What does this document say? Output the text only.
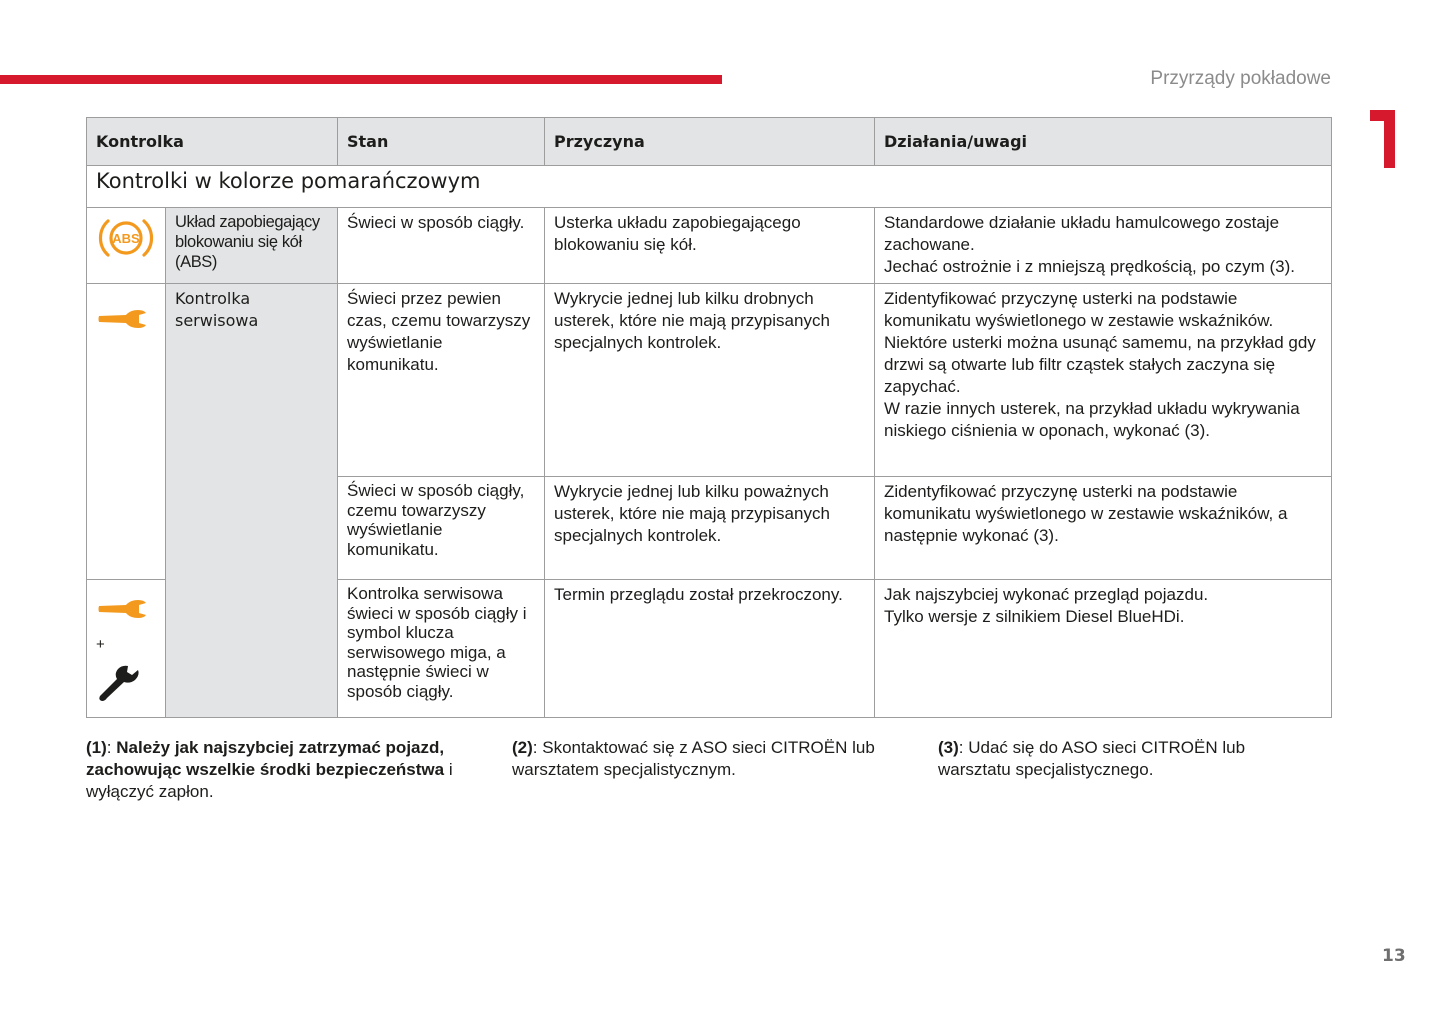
Przyrządy pokładowe
Kontrolka		Stan	Przyczyna	Działania/uwagi
Kontrolki w kolorze pomarańczowym				

ABS	Układ zapobiegający blokowaniu się kół (ABS)	Świeci w sposób ciągły.	Usterka układu zapobiegającego blokowaniu się kół.	Standardowe działanie układu hamulcowego zostaje zachowane.
Jechać ostrożnie i z mniejszą prędkością, po czym (3).

	Kontrolka serwisowa	Świeci przez pewien czas, czemu towarzyszy wyświetlanie komunikatu.	Wykrycie jednej lub kilku drobnych usterek, które nie mają przypisanych specjalnych kontrolek.	Zidentyfikować przyczynę usterki na podstawie komunikatu wyświetlonego w zestawie wskaźników.
Niektóre usterki można usunąć samemu, na przykład gdy drzwi są otwarte lub filtr cząstek stałych zaczyna się zapychać.
W razie innych usterek, na przykład układu wykrywania niskiego ciśnienia w oponach, wykonać (3).

		Świeci w sposób ciągły, czemu towarzyszy wyświetlanie komunikatu.	Wykrycie jednej lub kilku poważnych usterek, które nie mają przypisanych specjalnych kontrolek.	Zidentyfikować przyczynę usterki na podstawie komunikatu wyświetlonego w zestawie wskaźników, a następnie wykonać (3).

+		Kontrolka serwisowa świeci w sposób ciągły i symbol klucza serwisowego miga, a następnie świeci w sposób ciągły.	Termin przeglądu został przekroczony.	Jak najszybciej wykonać przegląd pojazdu.
Tylko wersje z silnikiem Diesel BlueHDi.
(1): Należy jak najszybciej zatrzymać pojazd, zachowując wszelkie środki bezpieczeństwa i wyłączyć zapłon.
(2): Skontaktować się z ASO sieci CITROËN lub warsztatem specjalistycznym.
(3): Udać się do ASO sieci CITROËN lub warsztatu specjalistycznego.
13
